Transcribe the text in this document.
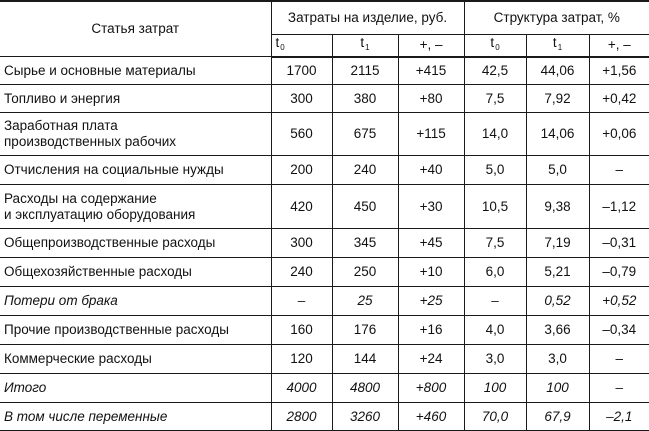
Статья затрат	Затраты на изделие, руб.			Структура затрат, %		
	$t_0$	$t_1$	+, –	$t_0$	$t_1$	+, –
Сырье и основные материалы	1700	2115	+415	42,5	44,06	+1,56
Топливо и энергия	300	380	+80	7,5	7,92	+0,42
Заработная плата
производственных рабочих	560	675	+115	14,0	14,06	+0,06
Отчисления на социальные нужды	200	240	+40	5,0	5,0	–
Расходы на содержание
и эксплуатацию оборудования	420	450	+30	10,5	9,38	–1,12
Общепроизводственные расходы	300	345	+45	7,5	7,19	–0,31
Общехозяйственные расходы	240	250	+10	6,0	5,21	–0,79
Потери от брака	–	25	+25	–	0,52	+0,52
Прочие производственные расходы	160	176	+16	4,0	3,66	–0,34
Коммерческие расходы	120	144	+24	3,0	3,0	–
Итого	4000	4800	+800	100	100	–
В том числе переменные	2800	3260	+460	70,0	67,9	–2,1
